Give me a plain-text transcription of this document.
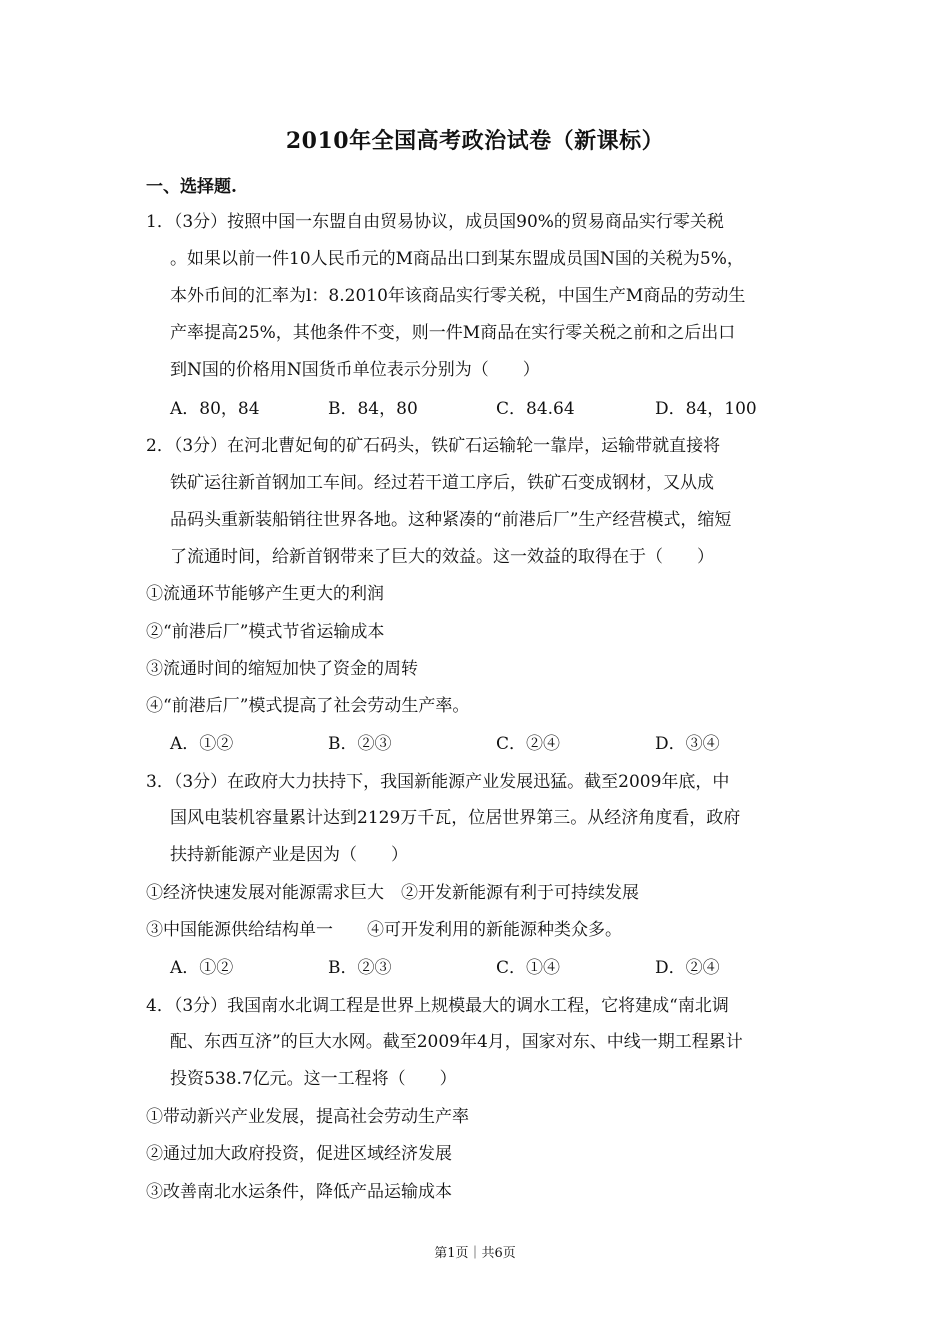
2010年全国高考政治试卷（新课标）
一、选择题.
1．（3分）按照中国一东盟自由贸易协议，成员国90%的贸易商品实行零关税
。如果以前一件10人民币元的M商品出口到某东盟成员国N国的关税为5%，
本外币间的汇率为l：8.2010年该商品实行零关税，中国生产M商品的劳动生
产率提高25%，其他条件不变，则一件M商品在实行零关税之前和之后出口
到N国的价格用N国货币单位表示分别为（　　）
A．80，84	B．84，80	C．84.64	D．84，100
2．（3分）在河北曹妃甸的矿石码头，铁矿石运输轮一靠岸，运输带就直接将
铁矿运往新首钢加工车间。经过若干道工序后，铁矿石变成钢材，又从成
品码头重新装船销往世界各地。这种紧凑的“前港后厂”生产经营模式，缩短
了流通时间，给新首钢带来了巨大的效益。这一效益的取得在于（　　）
①流通环节能够产生更大的利润
②“前港后厂”模式节省运输成本
③流通时间的缩短加快了资金的周转
④“前港后厂”模式提高了社会劳动生产率。
A．①②	B．②③	C．②④	D．③④
3．（3分）在政府大力扶持下，我国新能源产业发展迅猛。截至2009年底，中
国风电装机容量累计达到2129万千瓦，位居世界第三。从经济角度看，政府
扶持新能源产业是因为（　　）
①经济快速发展对能源需求巨大　②开发新能源有利于可持续发展
③中国能源供给结构单一　　④可开发利用的新能源种类众多。
A．①②	B．②③	C．①④	D．②④
4．（3分）我国南水北调工程是世界上规模最大的调水工程，它将建成“南北调
配、东西互济”的巨大水网。截至2009年4月，国家对东、中线一期工程累计
投资538.7亿元。这一工程将（　　）
①带动新兴产业发展，提高社会劳动生产率
②通过加大政府投资，促进区域经济发展
③改善南北水运条件，降低产品运输成本
第1页｜共6页
